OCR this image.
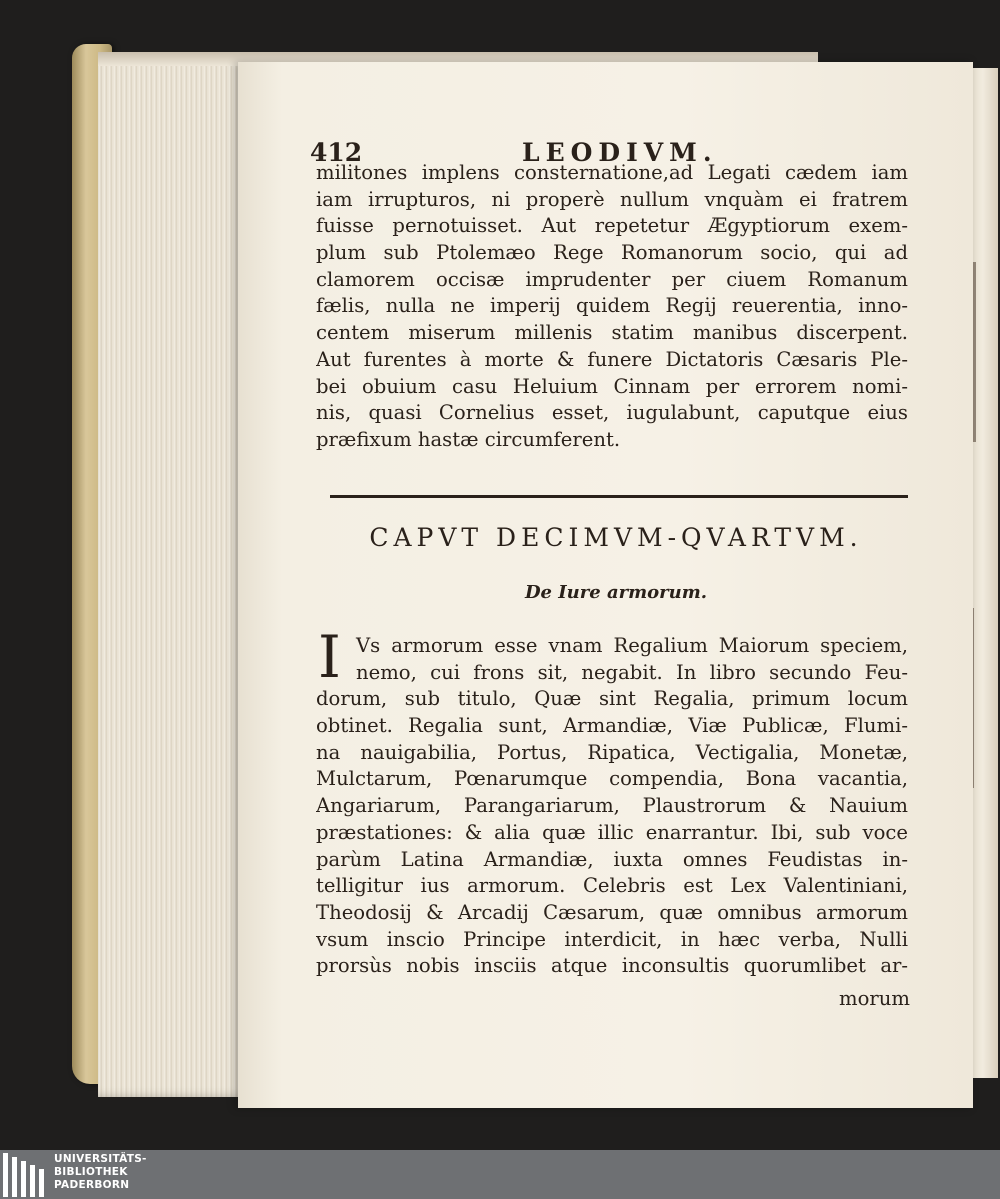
412	LEODIVM.
militones implens consternatione,ad Legati cædem iam
iam irrupturos, ni properè nullum vnquàm ei fratrem
fuisse pernotuisset. Aut repetetur Ægyptiorum exem-
plum sub Ptolemæo Rege Romanorum socio, qui ad
clamorem occisæ imprudenter per ciuem Romanum
fælis, nulla ne imperij quidem Regij reuerentia, inno-
centem miserum millenis statim manibus discerpent.
Aut furentes à morte & funere Dictatoris Cæsaris Ple-
bei obuium casu Heluium Cinnam per errorem nomi-
nis, quasi Cornelius esset, iugulabunt, caputque eius
præfixum hastæ circumferent.
CAPVT DECIMVM-QVARTVM.
De Iure armorum.
I Vs armorum esse vnam Regalium Maiorum speciem,
nemo, cui frons sit, negabit. In libro secundo Feu-
dorum, sub titulo, Quæ sint Regalia, primum locum
obtinet. Regalia sunt, Armandiæ, Viæ Publicæ, Flumi-
na nauigabilia, Portus, Ripatica, Vectigalia, Monetæ,
Mulctarum, Pœnarumque compendia, Bona vacantia,
Angariarum, Parangariarum, Plaustrorum & Nauium
præstationes: & alia quæ illic enarrantur. Ibi, sub voce
parùm Latina Armandiæ, iuxta omnes Feudistas in-
telligitur ius armorum. Celebris est Lex Valentiniani,
Theodosij & Arcadij Cæsarum, quæ omnibus armorum
vsum inscio Principe interdicit, in hæc verba, Nulli
prorsùs nobis insciis atque inconsultis quorumlibet ar-
morum
UNIVERSITÄTS-
BIBLIOTHEK
PADERBORN
